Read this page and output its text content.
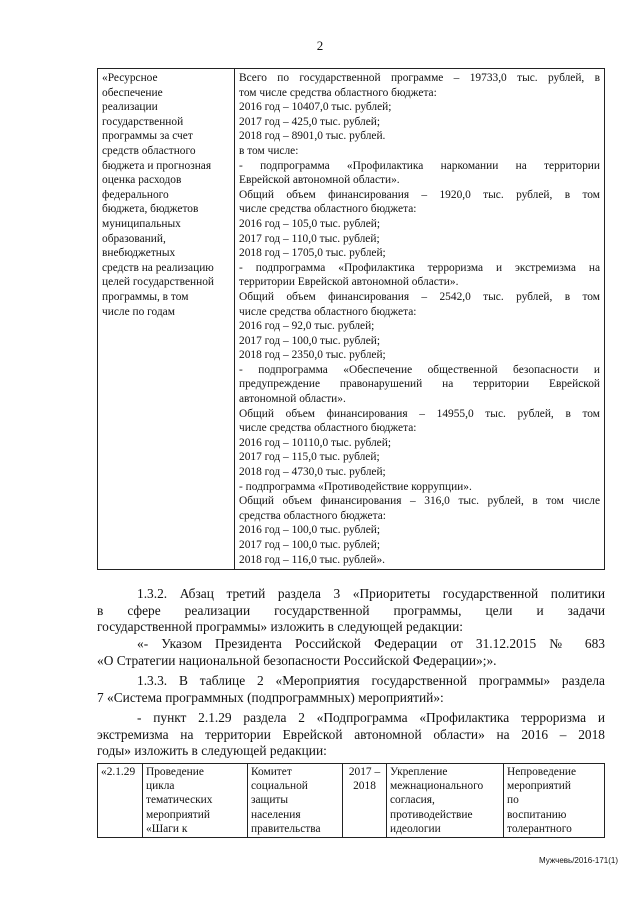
2
«Ресурсное
обеспечение
реализации
государственной
программы за счет
средств областного
бюджета и прогнозная
оценка расходов
федерального
бюджета, бюджетов
муниципальных
образований,
внебюджетных
средств на реализацию
целей государственной
программы, в том
числе по годам

Всего по государственной программе – 19733,0 тыс. рублей, в
том числе средства областного бюджета:
2016 год – 10407,0 тыс. рублей;
2017 год – 425,0 тыс. рублей;
2018 год – 8901,0 тыс. рублей.
в том числе:
- подпрограмма «Профилактика наркомании на территории
Еврейской автономной области».
Общий объем финансирования – 1920,0 тыс. рублей, в том
числе средства областного бюджета:
2016 год – 105,0 тыс. рублей;
2017 год – 110,0 тыс. рублей;
2018 год – 1705,0 тыс. рублей;
- подпрограмма «Профилактика терроризма и экстремизма на
территории Еврейской автономной области».
Общий объем финансирования – 2542,0 тыс. рублей, в том
числе средства областного бюджета:
2016 год – 92,0 тыс. рублей;
2017 год – 100,0 тыс. рублей;
2018 год – 2350,0 тыс. рублей;
- подпрограмма «Обеспечение общественной безопасности и
предупреждение правонарушений на территории Еврейской
автономной области».
Общий объем финансирования – 14955,0 тыс. рублей, в том
числе средства областного бюджета:
2016 год – 10110,0 тыс. рублей;
2017 год – 115,0 тыс. рублей;
2018 год – 4730,0 тыс. рублей;
- подпрограмма «Противодействие коррупции».
Общий объем финансирования – 316,0 тыс. рублей, в том числе
средства областного бюджета:
2016 год – 100,0 тыс. рублей;
2017 год – 100,0 тыс. рублей;
2018 год – 116,0 тыс. рублей».
1.3.2. Абзац третий раздела 3 «Приоритеты государственной политики
в сфере реализации государственной программы, цели и задачи
государственной программы» изложить в следующей редакции:
«- Указом Президента Российской Федерации от 31.12.2015 № 683
«О Стратегии национальной безопасности Российской Федерации»;».
1.3.3. В таблице 2 «Мероприятия государственной программы» раздела
7 «Система программных (подпрограммных) мероприятий»:
- пункт 2.1.29 раздела 2 «Подпрограмма «Профилактика терроризма и
экстремизма на территории Еврейской автономной области» на 2016 – 2018
годы» изложить в следующей редакции:
«2.1.29	Проведение
цикла
тематических
мероприятий
«Шаги к

Комитет
социальной
защиты
населения
правительства

2017 –
2018

Укрепление
межнационального
согласия,
противодействие
идеологии

Непроведение
мероприятий
по
воспитанию
толерантного
Мужчевь/2016-171(1)
